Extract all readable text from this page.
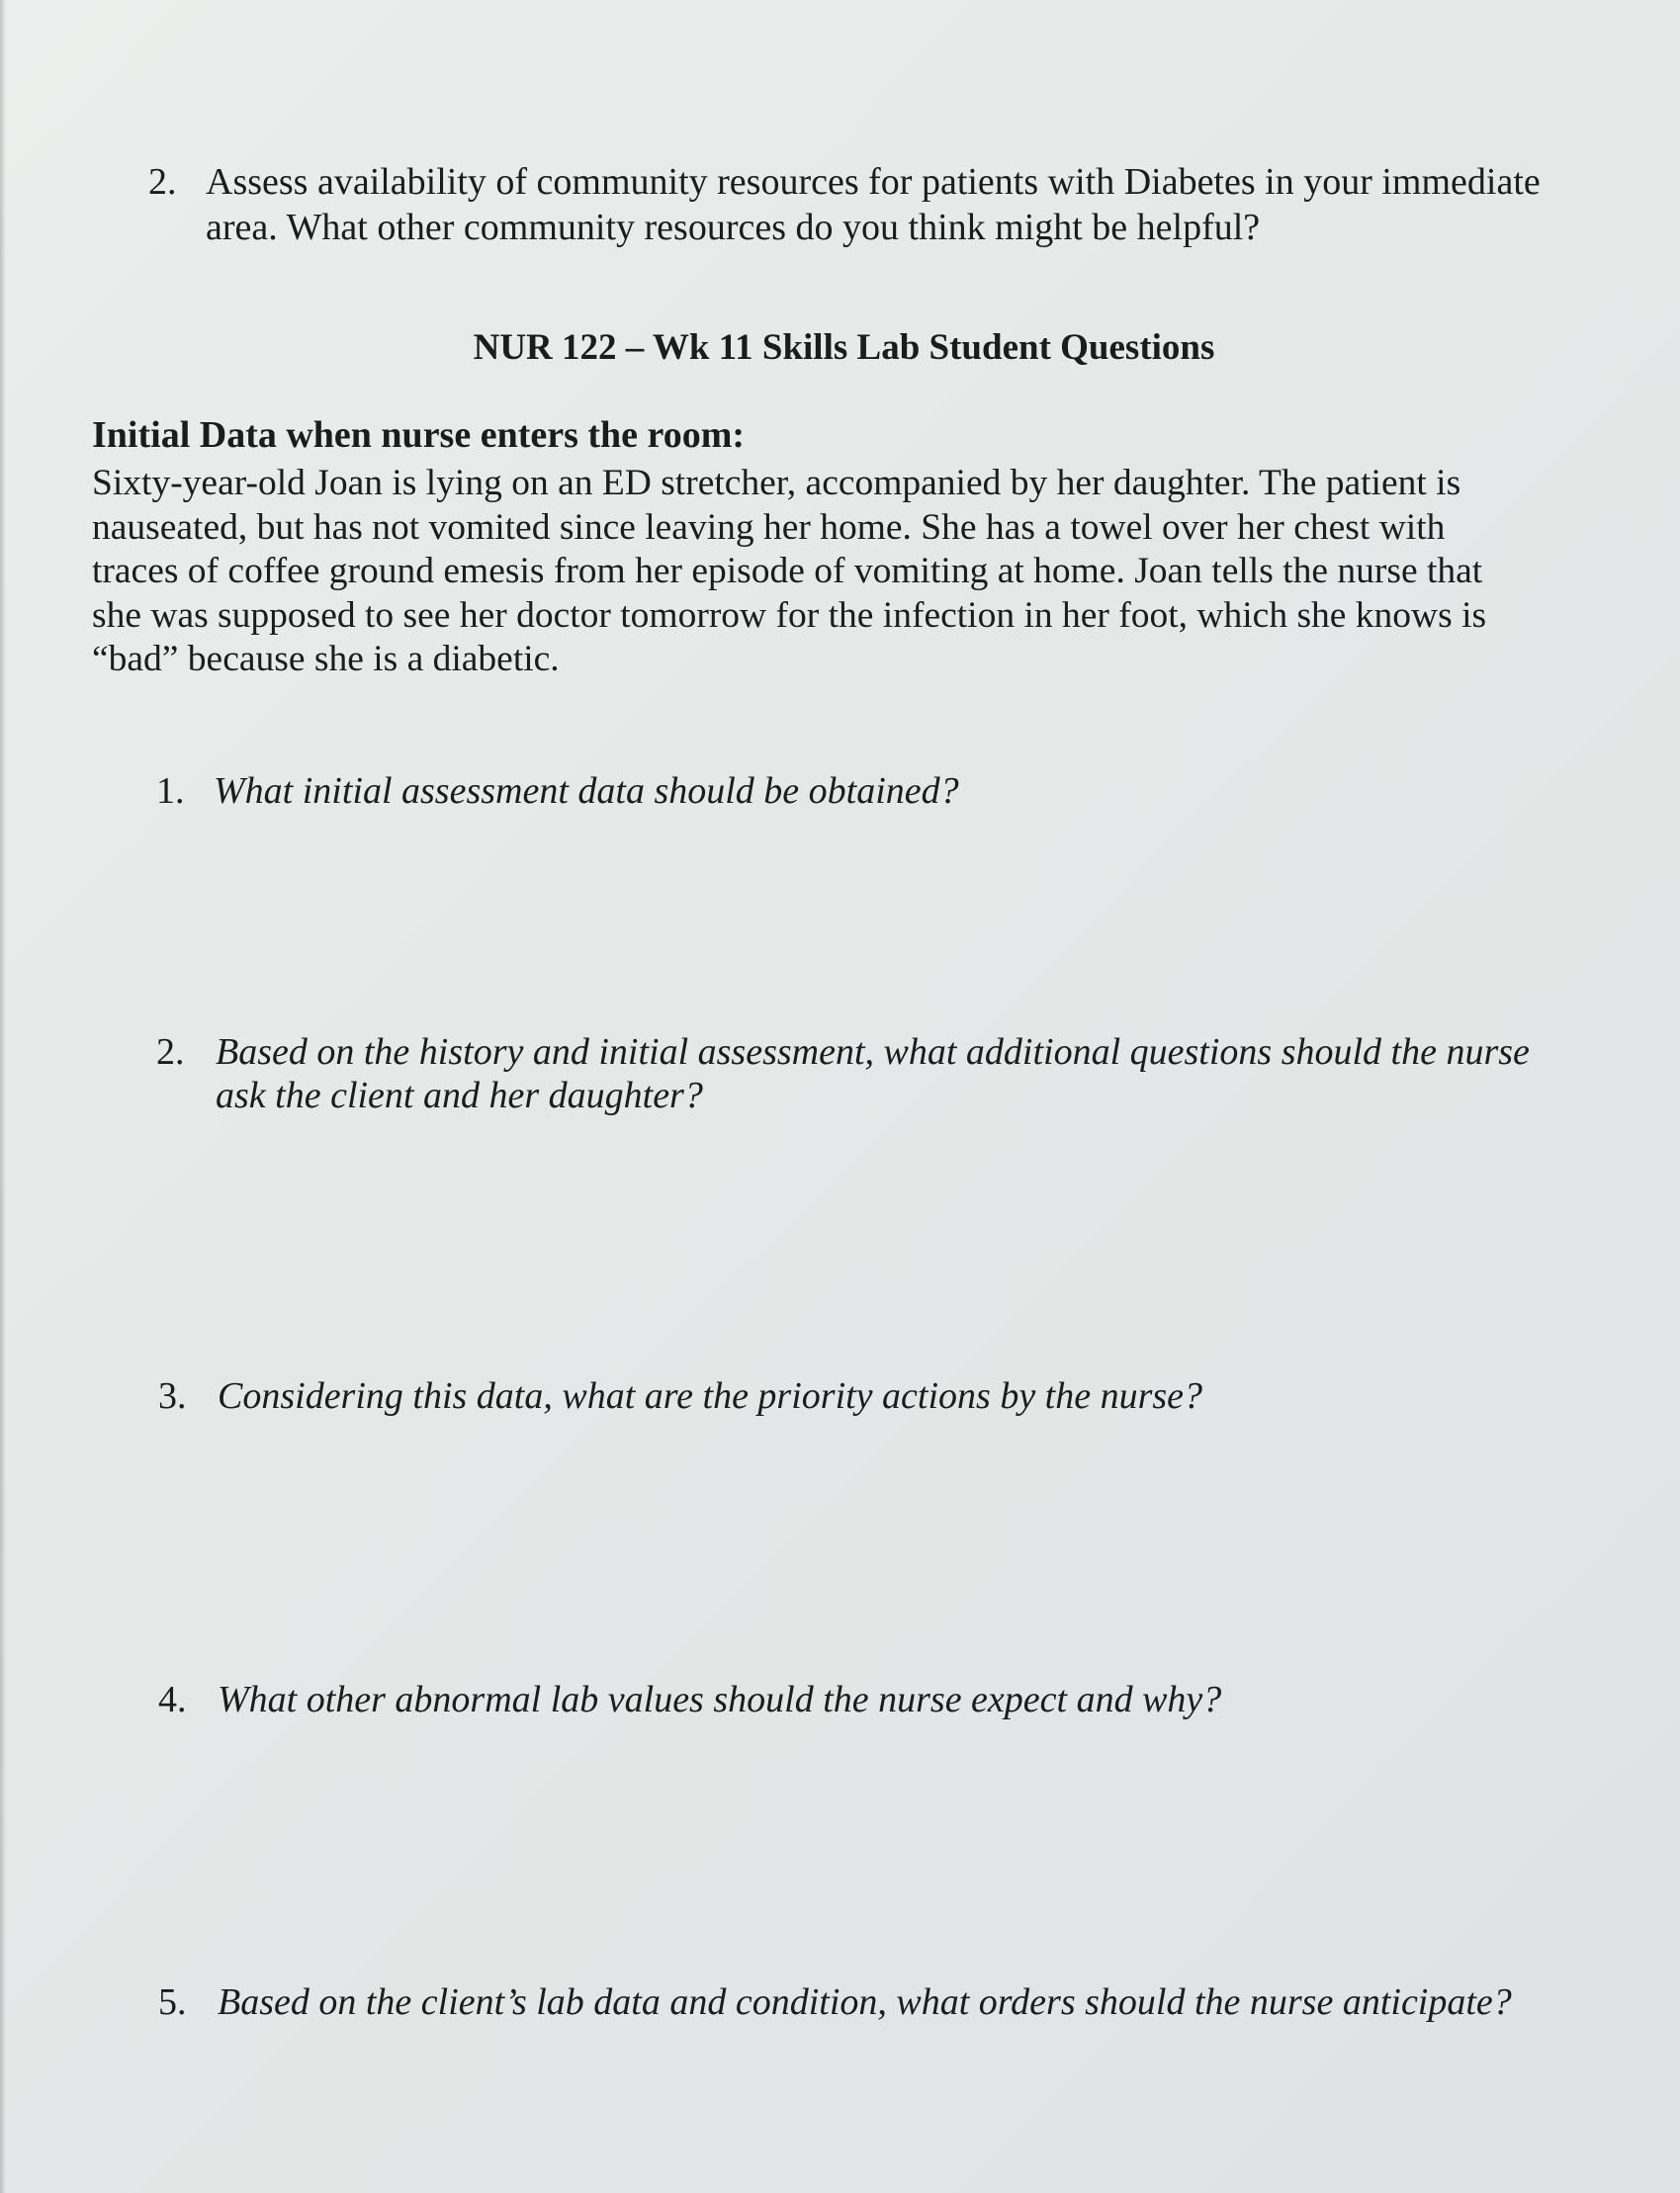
2. Assess availability of community resources for patients with Diabetes in your immediate
area. What other community resources do you think might be helpful?
NUR 122 – Wk 11 Skills Lab Student Questions
Initial Data when nurse enters the room:
Sixty-year-old Joan is lying on an ED stretcher, accompanied by her daughter. The patient is
nauseated, but has not vomited since leaving her home. She has a towel over her chest with
traces of coffee ground emesis from her episode of vomiting at home. Joan tells the nurse that
she was supposed to see her doctor tomorrow for the infection in her foot, which she knows is
“bad” because she is a diabetic.
1. What initial assessment data should be obtained?
2. Based on the history and initial assessment, what additional questions should the nurse
ask the client and her daughter?
3. Considering this data, what are the priority actions by the nurse?
4. What other abnormal lab values should the nurse expect and why?
5. Based on the client’s lab data and condition, what orders should the nurse anticipate?
